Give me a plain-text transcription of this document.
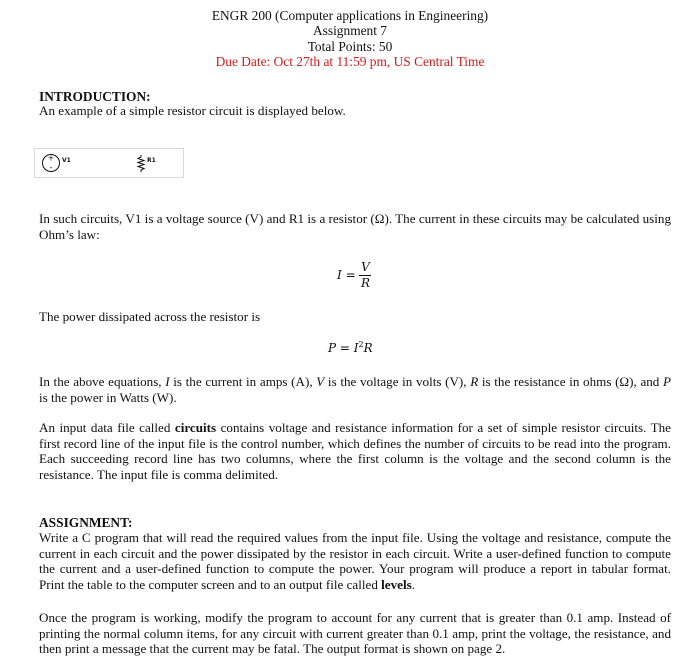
ENGR 200 (Computer applications in Engineering)
Assignment 7
Total Points: 50
Due Date: Oct 27th at 11:59 pm, US Central Time
INTRODUCTION:
An example of a simple resistor circuit is displayed below.
+
-
V1	R1
In such circuits, V1 is a voltage source (V) and R1 is a resistor (Ω). The current in these circuits may be calculated using Ohm’s law:
$I = \frac{V}{R}$
The power dissipated across the resistor is
$P = I^2R$
In the above equations, I is the current in amps (A), V is the voltage in volts (V), R is the resistance in ohms (Ω), and P is the power in Watts (W).
An input data file called circuits contains voltage and resistance information for a set of simple resistor circuits. The first record line of the input file is the control number, which defines the number of circuits to be read into the program. Each succeeding record line has two columns, where the first column is the voltage and the second column is the resistance. The input file is comma delimited.
ASSIGNMENT:
Write a C program that will read the required values from the input file. Using the voltage and resistance, compute the current in each circuit and the power dissipated by the resistor in each circuit. Write a user-defined function to compute the current and a user-defined function to compute the power. Your program will produce a report in tabular format. Print the table to the computer screen and to an output file called levels.
Once the program is working, modify the program to account for any current that is greater than 0.1 amp. Instead of printing the normal column items, for any circuit with current greater than 0.1 amp, print the voltage, the resistance, and then print a message that the current may be fatal. The output format is shown on page 2.
